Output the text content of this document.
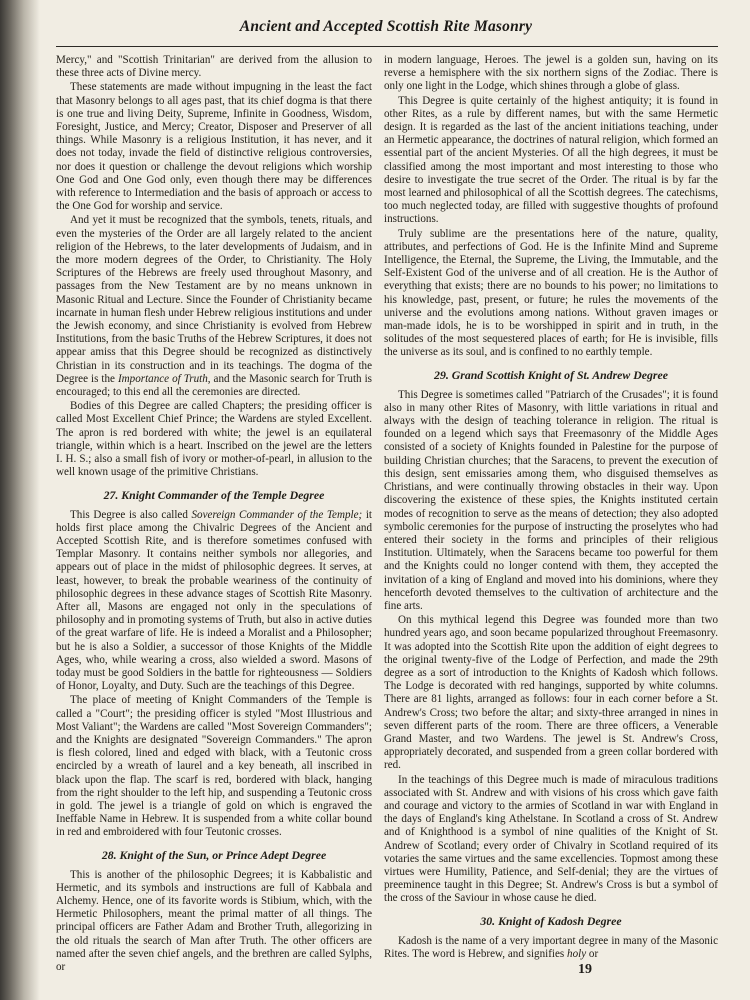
Ancient and Accepted Scottish Rite Masonry

Mercy," and "Scottish Trinitarian" are derived from the allusion to these three acts of Divine mercy.

These statements are made without impugning in the least the fact that Masonry belongs to all ages past, that its chief dogma is that there is one true and living Deity, Supreme, Infinite in Goodness, Wisdom, Foresight, Justice, and Mercy; Creator, Disposer and Preserver of all things. While Masonry is a religious Institution, it has never, and it does not today, invade the field of distinctive religious controversies, nor does it question or challenge the devout religions which worship One God and One God only, even though there may be differences with reference to Intermediation and the basis of approach or access to the One God for worship and service.

And yet it must be recognized that the symbols, tenets, rituals, and even the mysteries of the Order are all largely related to the ancient religion of the Hebrews, to the later developments of Judaism, and in the more modern degrees of the Order, to Christianity. The Holy Scriptures of the Hebrews are freely used throughout Masonry, and passages from the New Testament are by no means unknown in Masonic Ritual and Lecture. Since the Founder of Christianity became incarnate in human flesh under Hebrew religious institutions and under the Jewish economy, and since Christianity is evolved from Hebrew Institutions, from the basic Truths of the Hebrew Scriptures, it does not appear amiss that this Degree should be recognized as distinctively Christian in its construction and in its teachings. The dogma of the Degree is the Importance of Truth, and the Masonic search for Truth is encouraged; to this end all the ceremonies are directed.

Bodies of this Degree are called Chapters; the presiding officer is called Most Excellent Chief Prince; the Wardens are styled Excellent. The apron is red bordered with white; the jewel is an equilateral triangle, within which is a heart. Inscribed on the jewel are the letters I. H. S.; also a small fish of ivory or mother-of-pearl, in allusion to the well known usage of the primitive Christians.

27. Knight Commander of the Temple Degree

This Degree is also called Sovereign Commander of the Temple; it holds first place among the Chivalric Degrees of the Ancient and Accepted Scottish Rite, and is therefore sometimes confused with Templar Masonry. It contains neither symbols nor allegories, and appears out of place in the midst of philosophic degrees. It serves, at least, however, to break the probable weariness of the continuity of philosophic degrees in these advance stages of Scottish Rite Masonry. After all, Masons are engaged not only in the speculations of philosophy and in promoting systems of Truth, but also in active duties of the great warfare of life. He is indeed a Moralist and a Philosopher; but he is also a Soldier, a successor of those Knights of the Middle Ages, who, while wearing a cross, also wielded a sword. Masons of today must be good Soldiers in the battle for righteousness — Soldiers of Honor, Loyalty, and Duty. Such are the teachings of this Degree.

The place of meeting of Knight Commanders of the Temple is called a "Court"; the presiding officer is styled "Most Illustrious and Most Valiant"; the Wardens are called "Most Sovereign Commanders"; and the Knights are designated "Sovereign Commanders." The apron is flesh colored, lined and edged with black, with a Teutonic cross encircled by a wreath of laurel and a key beneath, all inscribed in black upon the flap. The scarf is red, bordered with black, hanging from the right shoulder to the left hip, and suspending a Teutonic cross in gold. The jewel is a triangle of gold on which is engraved the Ineffable Name in Hebrew. It is suspended from a white collar bound in red and embroidered with four Teutonic crosses.

28. Knight of the Sun, or Prince Adept Degree

This is another of the philosophic Degrees; it is Kabbalistic and Hermetic, and its symbols and instructions are full of Kabbala and Alchemy. Hence, one of its favorite words is Stibium, which, with the Hermetic Philosophers, meant the primal matter of all things. The principal officers are Father Adam and Brother Truth, allegorizing in the old rituals the search of Man after Truth. The other officers are named after the seven chief angels, and the brethren are called Sylphs, or

in modern language, Heroes. The jewel is a golden sun, having on its reverse a hemisphere with the six northern signs of the Zodiac. There is only one light in the Lodge, which shines through a globe of glass.

This Degree is quite certainly of the highest antiquity; it is found in other Rites, as a rule by different names, but with the same Hermetic design. It is regarded as the last of the ancient initiations teaching, under an Hermetic appearance, the doctrines of natural religion, which formed an essential part of the ancient Mysteries. Of all the high degrees, it must be classified among the most important and most interesting to those who desire to investigate the true secret of the Order. The ritual is by far the most learned and philosophical of all the Scottish degrees. The catechisms, too much neglected today, are filled with suggestive thoughts of profound instructions.

Truly sublime are the presentations here of the nature, quality, attributes, and perfections of God. He is the Infinite Mind and Supreme Intelligence, the Eternal, the Supreme, the Living, the Immutable, and the Self-Existent God of the universe and of all creation. He is the Author of everything that exists; there are no bounds to his power; no limitations to his knowledge, past, present, or future; he rules the movements of the universe and the evolutions among nations. Without graven images or man-made idols, he is to be worshipped in spirit and in truth, in the solitudes of the most sequestered places of earth; for He is invisible, fills the universe as its soul, and is confined to no earthly temple.

29. Grand Scottish Knight of St. Andrew Degree

This Degree is sometimes called "Patriarch of the Crusades"; it is found also in many other Rites of Masonry, with little variations in ritual and always with the design of teaching tolerance in religion. The ritual is founded on a legend which says that Freemasonry of the Middle Ages consisted of a society of Knights founded in Palestine for the purpose of building Christian churches; that the Saracens, to prevent the execution of this design, sent emissaries among them, who disguised themselves as Christians, and were continually throwing obstacles in their way. Upon discovering the existence of these spies, the Knights instituted certain modes of recognition to serve as the means of detection; they also adopted symbolic ceremonies for the purpose of instructing the proselytes who had entered their society in the forms and principles of their religious Institution. Ultimately, when the Saracens became too powerful for them and the Knights could no longer contend with them, they accepted the invitation of a king of England and moved into his dominions, where they henceforth devoted themselves to the cultivation of architecture and the fine arts.

On this mythical legend this Degree was founded more than two hundred years ago, and soon became popularized throughout Freemasonry. It was adopted into the Scottish Rite upon the addition of eight degrees to the original twenty-five of the Lodge of Perfection, and made the 29th degree as a sort of introduction to the Knights of Kadosh which follows. The Lodge is decorated with red hangings, supported by white columns. There are 81 lights, arranged as follows: four in each corner before a St. Andrew's Cross; two before the altar; and sixty-three arranged in nines in seven different parts of the room. There are three officers, a Venerable Grand Master, and two Wardens. The jewel is St. Andrew's Cross, appropriately decorated, and suspended from a green collar bordered with red.

In the teachings of this Degree much is made of miraculous traditions associated with St. Andrew and with visions of his cross which gave faith and courage and victory to the armies of Scotland in war with England in the days of England's king Athelstane. In Scotland a cross of St. Andrew and of Knighthood is a symbol of nine qualities of the Knight of St. Andrew of Scotland; every order of Chivalry in Scotland required of its votaries the same virtues and the same excellencies. Topmost among these virtues were Humility, Patience, and Self-denial; they are the virtues of preeminence taught in this Degree; St. Andrew's Cross is but a symbol of the cross of the Saviour in whose cause he died.

30. Knight of Kadosh Degree

Kadosh is the name of a very important degree in many of the Masonic Rites. The word is Hebrew, and signifies holy or

19
